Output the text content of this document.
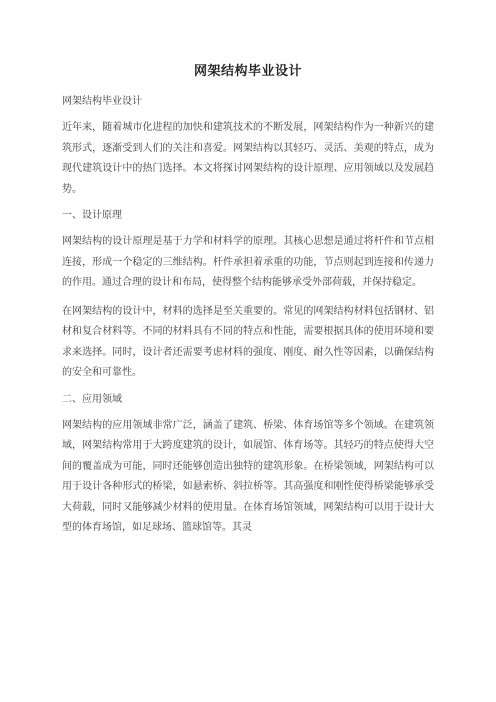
网架结构毕业设计

网架结构毕业设计

近年来，随着城市化进程的加快和建筑技术的不断发展，网架结构作为一种新兴的建筑形式，逐渐受到人们的关注和喜爱。网架结构以其轻巧、灵活、美观的特点，成为现代建筑设计中的热门选择。本文将探讨网架结构的设计原理、应用领域以及发展趋势。

一、设计原理

网架结构的设计原理是基于力学和材料学的原理。其核心思想是通过将杆件和节点相连接，形成一个稳定的三维结构。杆件承担着承重的功能，节点则起到连接和传递力的作用。通过合理的设计和布局，使得整个结构能够承受外部荷载，并保持稳定。

在网架结构的设计中，材料的选择是至关重要的。常见的网架结构材料包括钢材、铝材和复合材料等。不同的材料具有不同的特点和性能，需要根据具体的使用环境和要求来选择。同时，设计者还需要考虑材料的强度、刚度、耐久性等因素，以确保结构的安全和可靠性。

二、应用领域

网架结构的应用领域非常广泛，涵盖了建筑、桥梁、体育场馆等多个领域。在建筑领域，网架结构常用于大跨度建筑的设计，如展馆、体育场等。其轻巧的特点使得大空间的覆盖成为可能，同时还能够创造出独特的建筑形象。在桥梁领域，网架结构可以用于设计各种形式的桥梁，如悬索桥、斜拉桥等。其高强度和刚性使得桥梁能够承受大荷载，同时又能够减少材料的使用量。在体育场馆领域，网架结构可以用于设计大型的体育场馆，如足球场、篮球馆等。其灵
